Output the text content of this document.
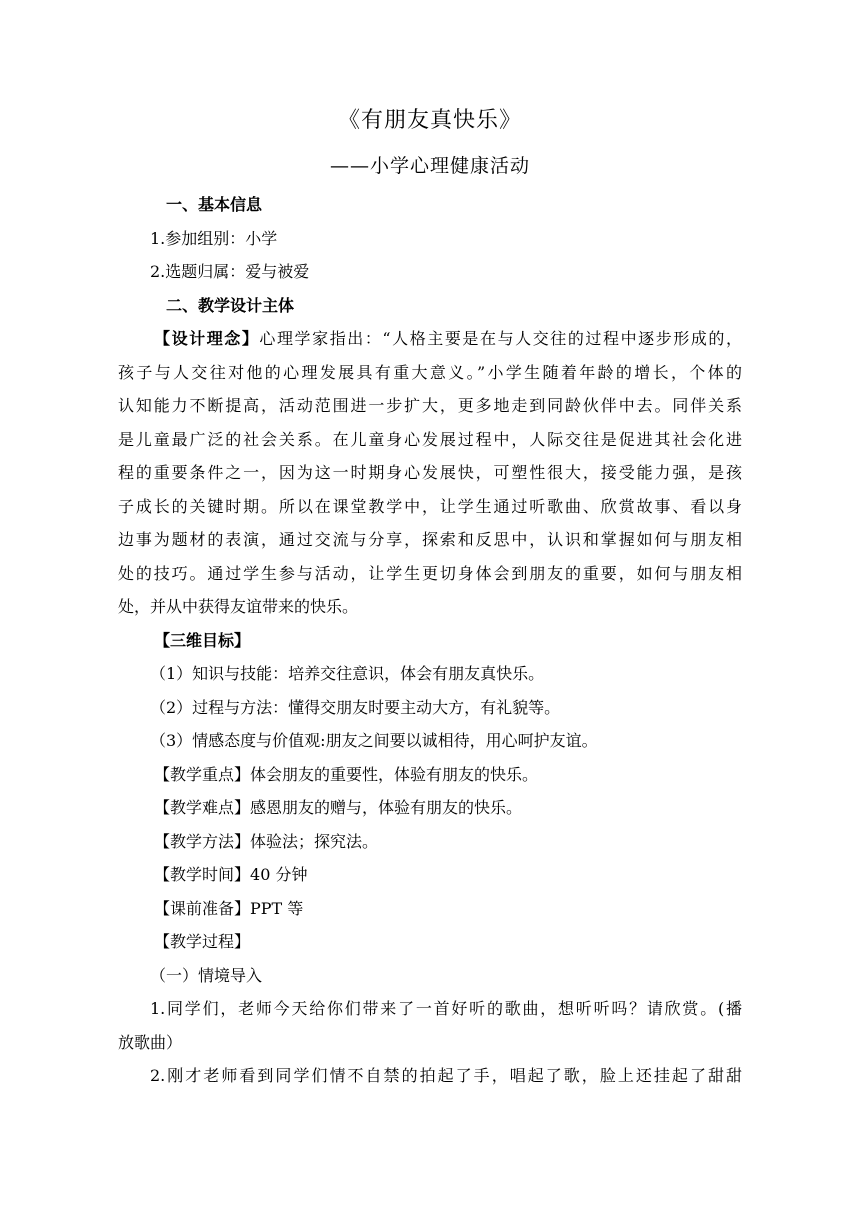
《有朋友真快乐》
——小学心理健康活动
一、基本信息
1.参加组别：小学
2.选题归属：爱与被爱
二、教学设计主体
【设计理念】心理学家指出：“人格主要是在与人交往的过程中逐步形成的，
孩子与人交往对他的心理发展具有重大意义。”小学生随着年龄的增长，个体的
认知能力不断提高，活动范围进一步扩大，更多地走到同龄伙伴中去。同伴关系
是儿童最广泛的社会关系。在儿童身心发展过程中，人际交往是促进其社会化进
程的重要条件之一，因为这一时期身心发展快，可塑性很大，接受能力强，是孩
子成长的关键时期。所以在课堂教学中，让学生通过听歌曲、欣赏故事、看以身
边事为题材的表演，通过交流与分享，探索和反思中，认识和掌握如何与朋友相
处的技巧。通过学生参与活动，让学生更切身体会到朋友的重要，如何与朋友相
处，并从中获得友谊带来的快乐。
【三维目标】
（1）知识与技能：培养交往意识，体会有朋友真快乐。
（2）过程与方法：懂得交朋友时要主动大方，有礼貌等。
（3）情感态度与价值观:朋友之间要以诚相待，用心呵护友谊。
【教学重点】体会朋友的重要性，体验有朋友的快乐。
【教学难点】感恩朋友的赠与，体验有朋友的快乐。
【教学方法】体验法；探究法。
【教学时间】40 分钟
【课前准备】PPT 等
【教学过程】
（一）情境导入
1.同学们，老师今天给你们带来了一首好听的歌曲，想听听吗？请欣赏。(播
放歌曲）
2.刚才老师看到同学们情不自禁的拍起了手，唱起了歌，脸上还挂起了甜甜
